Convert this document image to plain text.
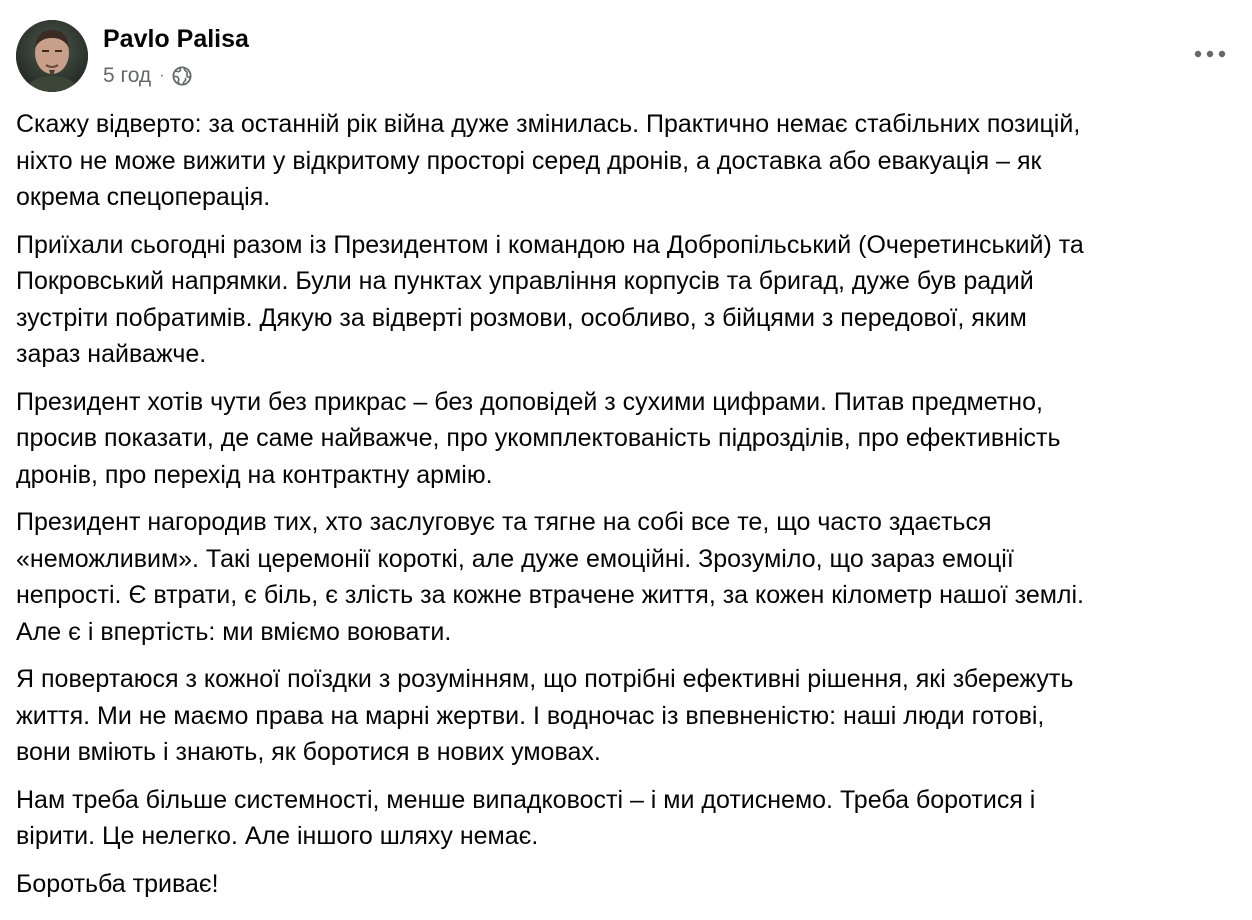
Pavlo Palisa
5 год ·

Скажу відверто: за останній рік війна дуже змінилась. Практично немає стабільних позицій,
ніхто не може вижити у відкритому просторі серед дронів, а доставка або евакуація – як
окрема спецоперація.

Приїхали сьогодні разом із Президентом і командою на Добропільський (Очеретинський) та
Покровський напрямки. Були на пунктах управління корпусів та бригад, дуже був радий
зустріти побратимів. Дякую за відверті розмови, особливо, з бійцями з передової, яким
зараз найважче.

Президент хотів чути без прикрас – без доповідей з сухими цифрами. Питав предметно,
просив показати, де саме найважче, про укомплектованість підрозділів, про ефективність
дронів, про перехід на контрактну армію.

Президент нагородив тих, хто заслуговує та тягне на собі все те, що часто здається
«неможливим». Такі церемонії короткі, але дуже емоційні. Зрозуміло, що зараз емоції
непрості. Є втрати, є біль, є злість за кожне втрачене життя, за кожен кілометр нашої землі.
Але є і впертість: ми вміємо воювати.

Я повертаюся з кожної поїздки з розумінням, що потрібні ефективні рішення, які збережуть
життя. Ми не маємо права на марні жертви. І водночас із впевненістю: наші люди готові,
вони вміють і знають, як боротися в нових умовах.

Нам треба більше системності, менше випадковості – і ми дотиснемо. Треба боротися і
вірити. Це нелегко. Але іншого шляху немає.

Боротьба триває!
